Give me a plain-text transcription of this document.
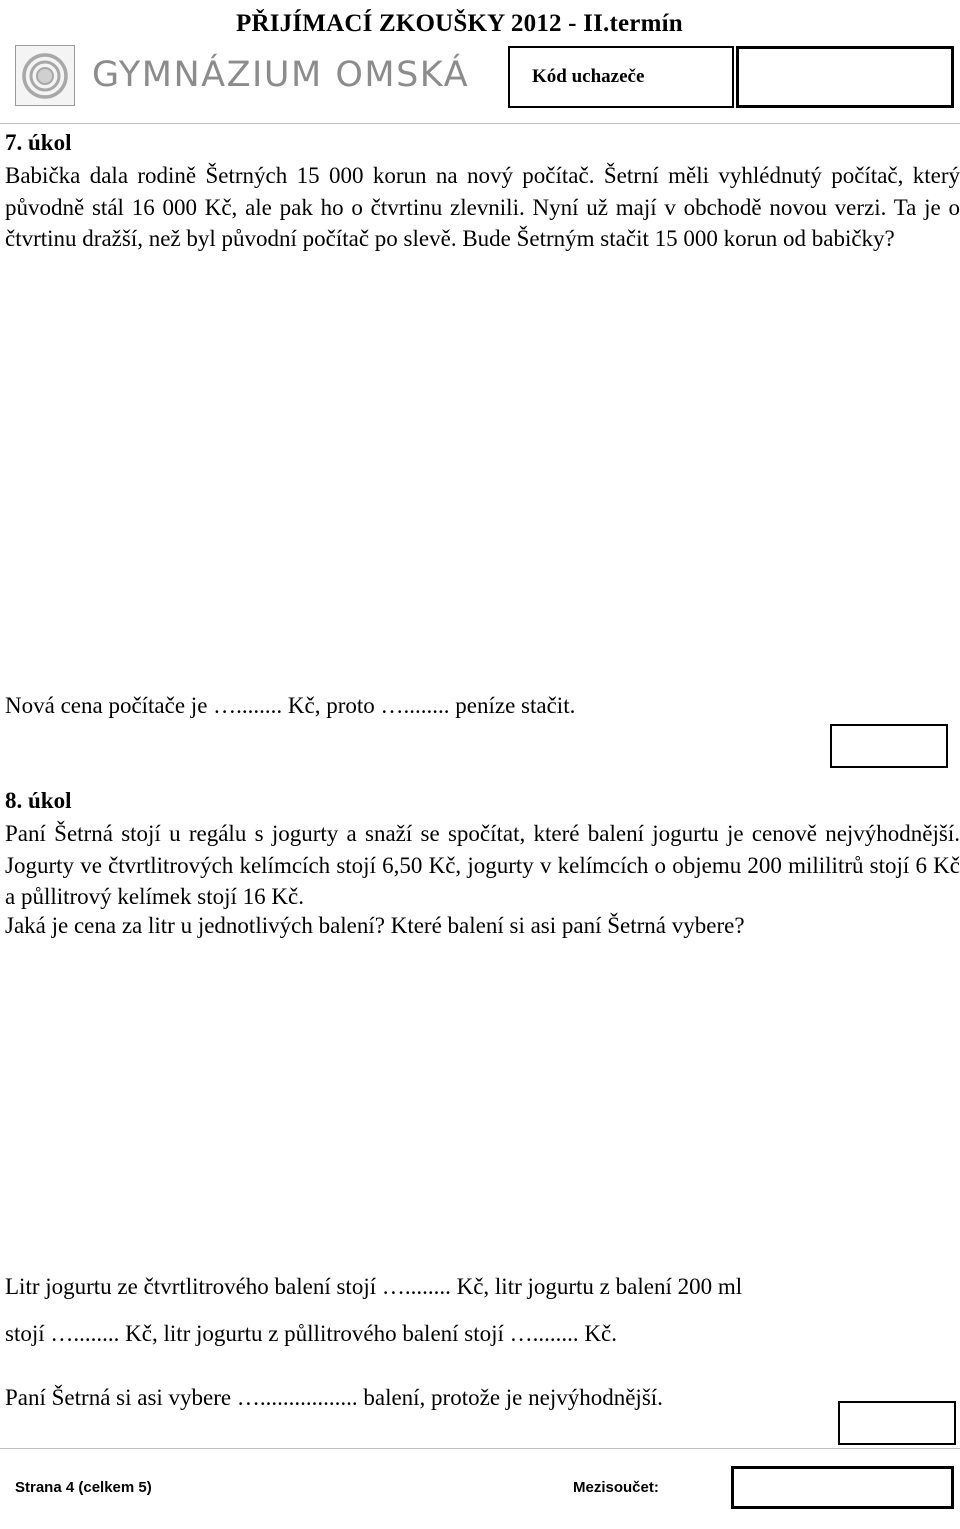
PŘIJÍMACÍ ZKOUŠKY 2012 - II.termín
GYMNÁZIUM OMSKÁ	Kód uchazeče
7. úkol
Babička dala rodině Šetrných 15 000 korun na nový počítač. Šetrní měli vyhlédnutý počítač, který původně stál 16 000 Kč, ale pak ho o čtvrtinu zlevnili. Nyní už mají v obchodě novou verzi. Ta je o čtvrtinu dražší, než byl původní počítač po slevě. Bude Šetrným stačit 15 000 korun od babičky?
Nová cena počítače je …........ Kč, proto …........ peníze stačit.
8. úkol
Paní Šetrná stojí u regálu s jogurty a snaží se spočítat, které balení jogurtu je cenově nejvýhodnější. Jogurty ve čtvrtlitrových kelímcích stojí 6,50 Kč, jogurty v kelímcích o objemu 200 mililitrů stojí 6 Kč a půllitrový kelímek stojí 16 Kč.
Jaká je cena za litr u jednotlivých balení? Které balení si asi paní Šetrná vybere?
Litr jogurtu ze čtvrtlitrového balení stojí …........ Kč, litr jogurtu z balení 200 ml
stojí …........ Kč, litr jogurtu z půllitrového balení stojí …........ Kč.
Paní Šetrná si asi vybere …................. balení, protože je nejvýhodnější.
Strana 4 (celkem 5)	Mezisoučet:
